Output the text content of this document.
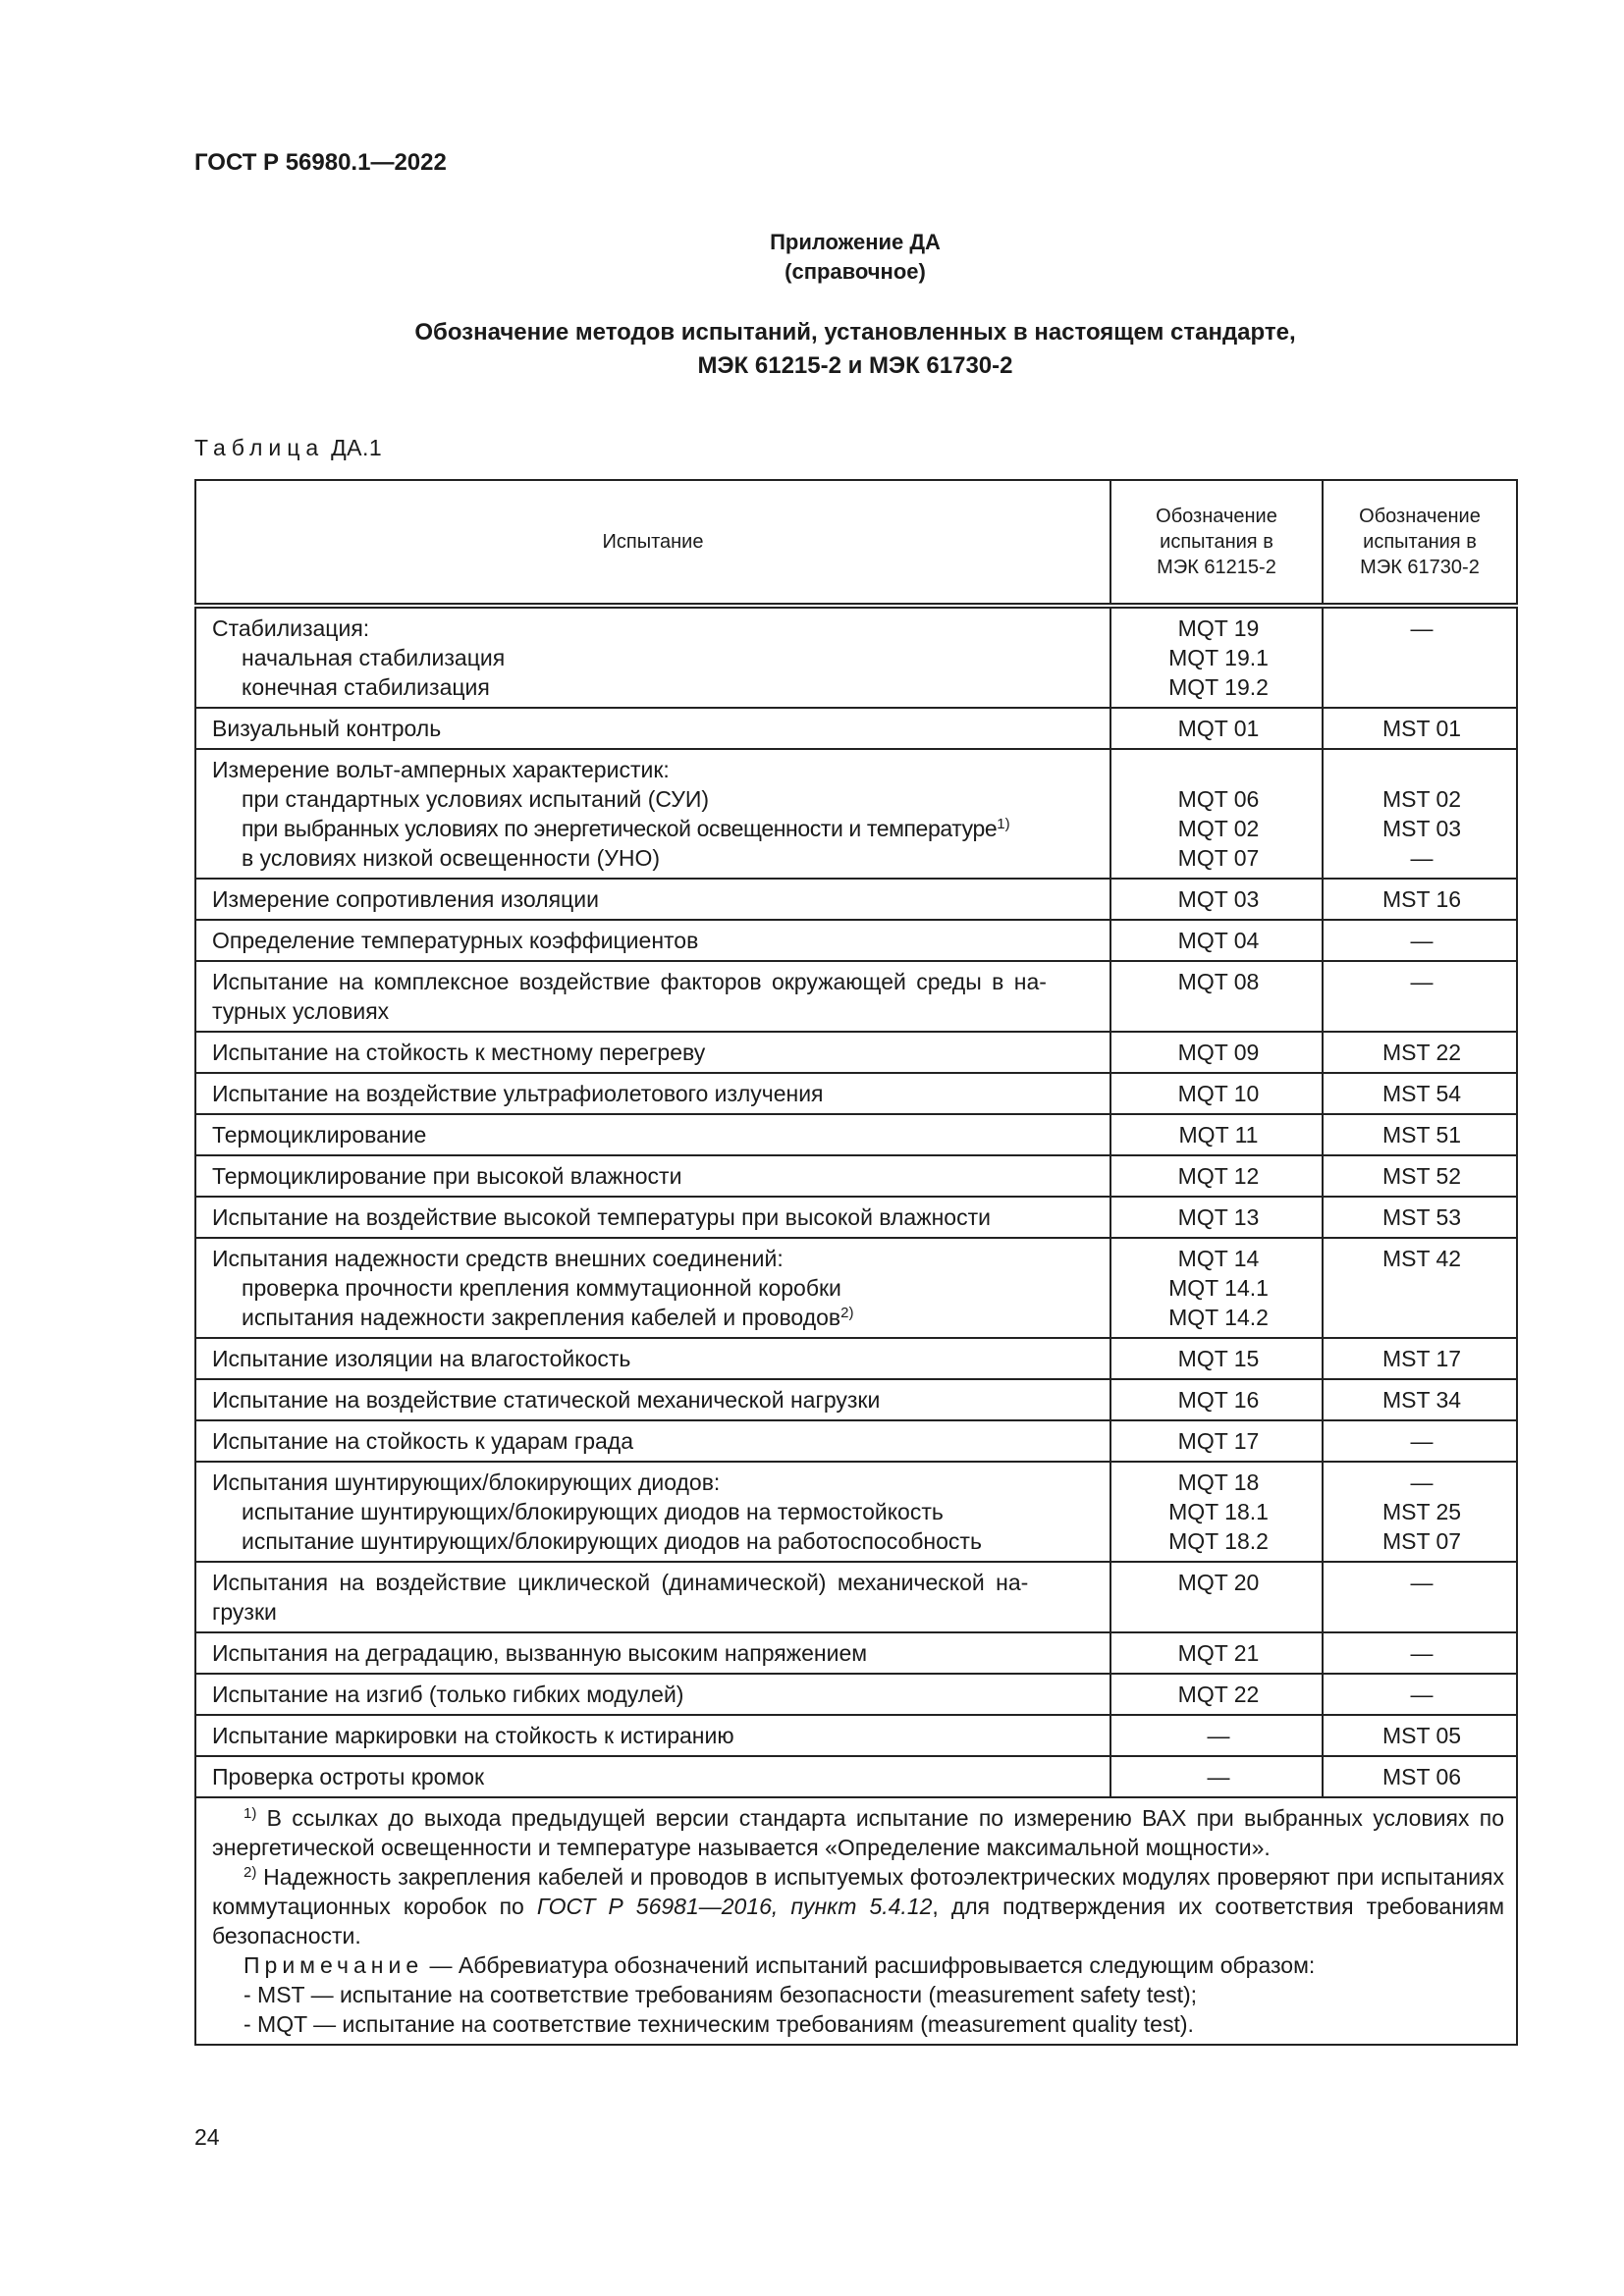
ГОСТ Р 56980.1—2022
Приложение ДА
(справочное)
Обозначение методов испытаний, установленных в настоящем стандарте,
МЭК 61215-2 и МЭК 61730-2
Таблица ДА.1
Испытание	Обозначение
испытания в
МЭК 61215-2	Обозначение
испытания в
МЭК 61730-2

Стабилизация:
начальная стабилизация
конечная стабилизация	MQT 19
MQT 19.1
MQT 19.2	—

Визуальный контроль	MQT 01	MST 01

Измерение вольт-амперных характеристик:
при стандартных условиях испытаний (СУИ)
при выбранных условиях по энергетической освещенности и температуре$^{1)}$
в условиях низкой освещенности (УНО)	MQT 06
MQT 02
MQT 07	MST 02
MST 03
—

Измерение сопротивления изоляции	MQT 03	MST 16
Определение температурных коэффициентов	MQT 04	—

Испытание на комплексное воздействие факторов окружающей среды в на-
турных условиях	MQT 08	—
Испытание на стойкость к местному перегреву	MQT 09	MST 22
Испытание на воздействие ультрафиолетового излучения	MQT 10	MST 54
Термоциклирование	MQT 11	MST 51
Термоциклирование при высокой влажности	MQT 12	MST 52
Испытание на воздействие высокой температуры при высокой влажности	MQT 13	MST 53

Испытания надежности средств внешних соединений:
проверка прочности крепления коммутационной коробки
испытания надежности закрепления кабелей и проводов$^{2)}$	MQT 14
MQT 14.1
MQT 14.2	MST 42

Испытание изоляции на влагостойкость	MQT 15	MST 17
Испытание на воздействие статической механической нагрузки	MQT 16	MST 34
Испытание на стойкость к ударам града	MQT 17	—

Испытания шунтирующих/блокирующих диодов:
испытание шунтирующих/блокирующих диодов на термостойкость
испытание шунтирующих/блокирующих диодов на работоспособность	MQT 18
MQT 18.1
MQT 18.2	—
MST 25
MST 07

Испытания на воздействие циклической (динамической) механической на-
грузки	MQT 20	—
Испытания на деградацию, вызванную высоким напряжением	MQT 21	—
Испытание на изгиб (только гибких модулей)	MQT 22	—
Испытание маркировки на стойкость к истиранию	—	MST 05
Проверка остроты кромок	—	MST 06

$^{1)}$ В ссылках до выхода предыдущей версии стандарта испытание по измерению ВАХ при выбранных условиях по энергетической освещенности и температуре называется «Определение максимальной мощности».
$^{2)}$ Надежность закрепления кабелей и проводов в испытуемых фотоэлектрических модулях проверяют при испытаниях коммутационных коробок по ГОСТ Р 56981—2016, пункт 5.4.12, для подтверждения их соответствия требованиям безопасности.
Примечание — Аббревиатура обозначений испытаний расшифровывается следующим образом:
- MST — испытание на соответствие требованиям безопасности (measurement safety test);
- MQT — испытание на соответствие техническим требованиям (measurement quality test).		
24
